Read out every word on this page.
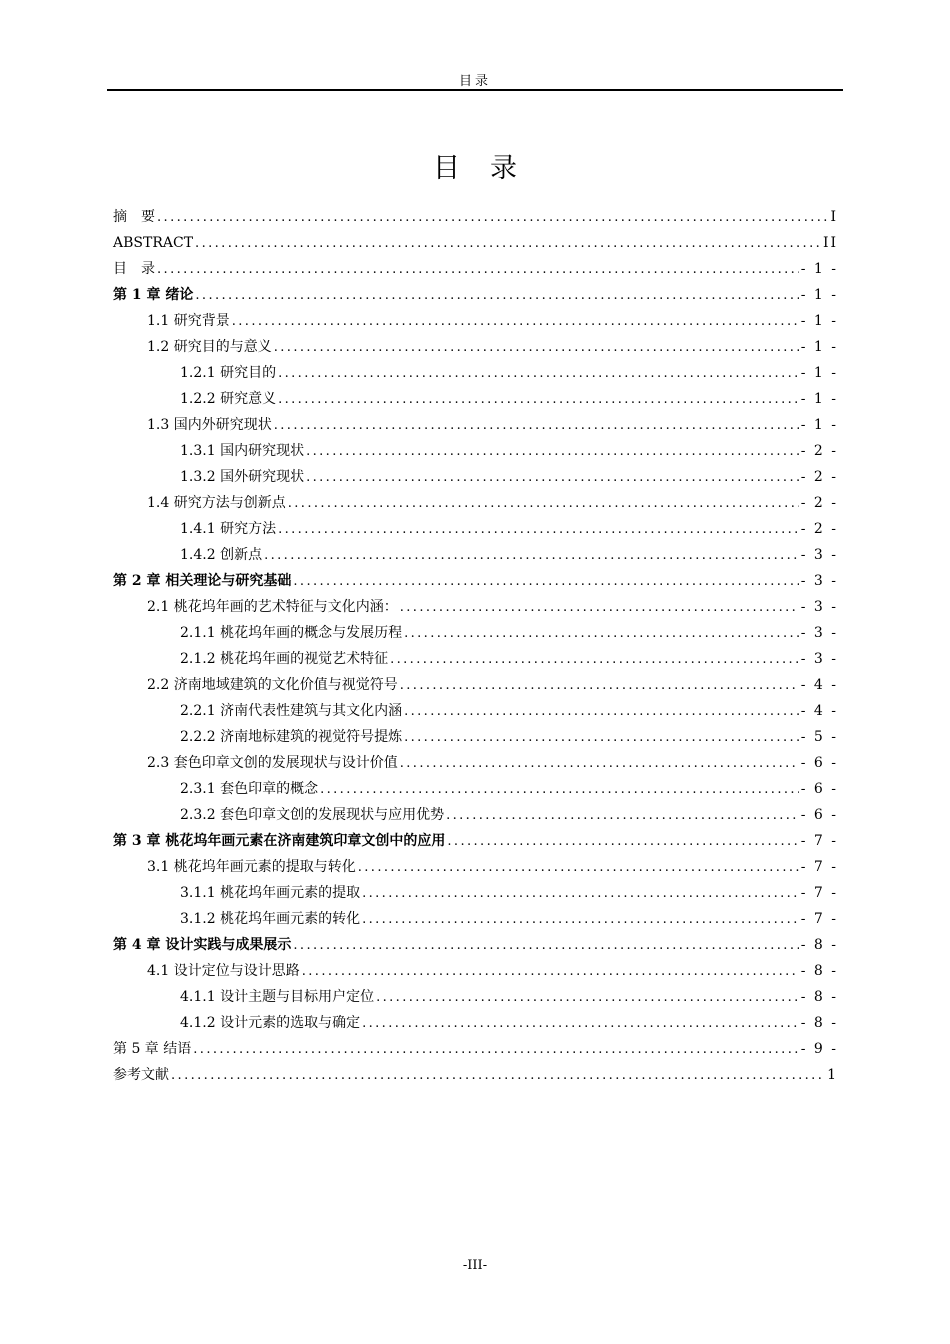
目录
目录
摘　要 .....	I
ABSTRACT .....	II
目　录 .....	- 1 -
第 1 章 绪论 .....	- 1 -
1.1 研究背景 .....	- 1 -
1.2 研究目的与意义 .....	- 1 -
1.2.1 研究目的 .....	- 1 -
1.2.2 研究意义 .....	- 1 -
1.3 国内外研究现状 .....	- 1 -
1.3.1 国内研究现状 .....	- 2 -
1.3.2 国外研究现状 .....	- 2 -
1.4 研究方法与创新点 .....	- 2 -
1.4.1 研究方法 .....	- 2 -
1.4.2 创新点 .....	- 3 -
第 2 章 相关理论与研究基础 .....	- 3 -
2.1 桃花坞年画的艺术特征与文化内涵： .....	- 3 -
2.1.1 桃花坞年画的概念与发展历程 .....	- 3 -
2.1.2 桃花坞年画的视觉艺术特征 .....	- 3 -
2.2 济南地域建筑的文化价值与视觉符号 .....	- 4 -
2.2.1 济南代表性建筑与其文化内涵 .....	- 4 -
2.2.2 济南地标建筑的视觉符号提炼 .....	- 5 -
2.3 套色印章文创的发展现状与设计价值 .....	- 6 -
2.3.1 套色印章的概念 .....	- 6 -
2.3.2 套色印章文创的发展现状与应用优势 .....	- 6 -
第 3 章 桃花坞年画元素在济南建筑印章文创中的应用 .....	- 7 -
3.1 桃花坞年画元素的提取与转化 .....	- 7 -
3.1.1 桃花坞年画元素的提取 .....	- 7 -
3.1.2 桃花坞年画元素的转化 .....	- 7 -
第 4 章 设计实践与成果展示 .....	- 8 -
4.1 设计定位与设计思路 .....	- 8 -
4.1.1 设计主题与目标用户定位 .....	- 8 -
4.1.2 设计元素的选取与确定 .....	- 8 -
第 5 章 结语 .....	- 9 -
参考文献 .....	1
-III-
